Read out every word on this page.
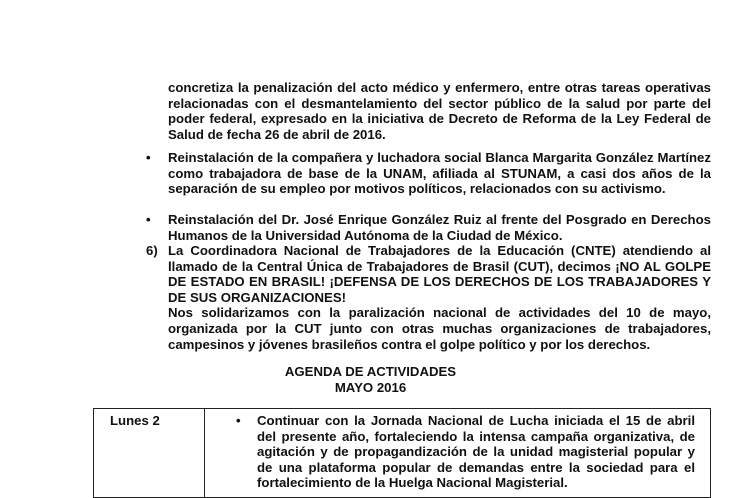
concretiza la penalización del acto médico y enfermero, entre otras tareas operativas relacionadas con el desmantelamiento del sector público de la salud por parte del poder federal, expresado en la iniciativa de Decreto de Reforma de la Ley Federal de Salud de fecha 26 de abril de 2016.
•	Reinstalación de la compañera y luchadora social Blanca Margarita González Martínez como trabajadora de base de la UNAM, afiliada al STUNAM, a casi dos años de la separación de su empleo por motivos políticos, relacionados con su activismo.
•	Reinstalación del Dr. José Enrique González Ruiz al frente del Posgrado en Derechos Humanos de la Universidad Autónoma de la Ciudad de México.
6) La Coordinadora Nacional de Trabajadores de la Educación (CNTE) atendiendo al llamado de la Central Única de Trabajadores de Brasil (CUT), decimos ¡NO AL GOLPE DE ESTADO EN BRASIL! ¡DEFENSA DE LOS DERECHOS DE LOS TRABAJADORES Y DE SUS ORGANIZACIONES!
Nos solidarizamos con la paralización nacional de actividades del 10 de mayo, organizada por la CUT junto con otras muchas organizaciones de trabajadores, campesinos y jóvenes brasileños contra el golpe político y por los derechos.
AGENDA DE ACTIVIDADES
MAYO 2016
Lunes 2	• Continuar con la Jornada Nacional de Lucha iniciada el 15 de abril del presente año, fortaleciendo la intensa campaña organizativa, de agitación y de propagandización de la unidad magisterial popular y de una plataforma popular de demandas entre la sociedad para el fortalecimiento de la Huelga Nacional Magisterial.
